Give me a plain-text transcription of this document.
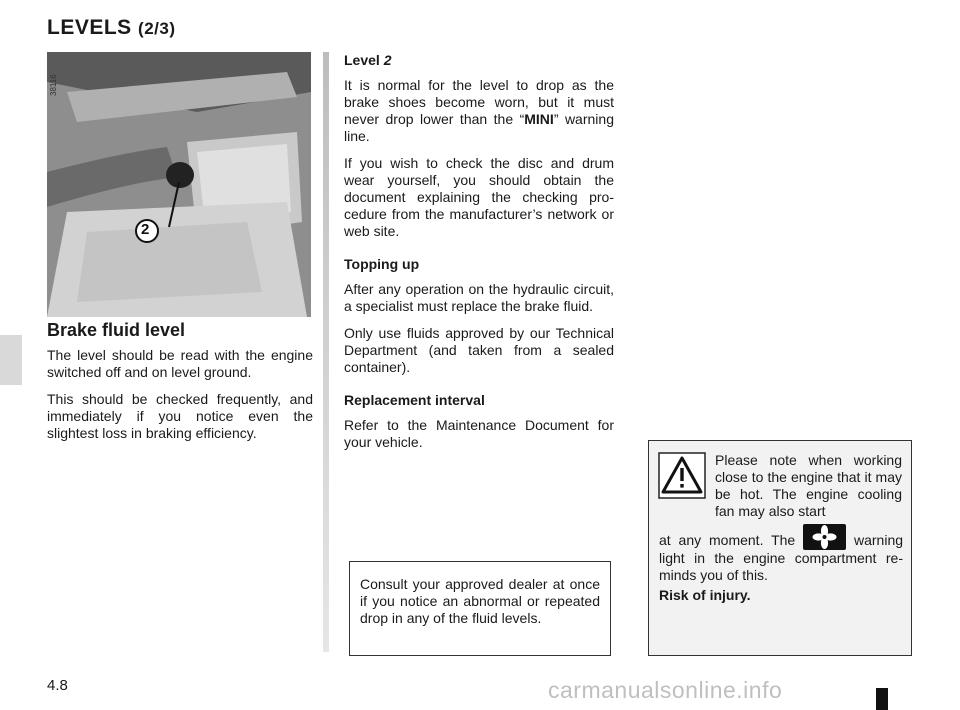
LEVELS (2/3)
38116
2
Brake fluid level

The level should be read with the engine switched off and on level ground.

This should be checked frequently, and immediately if you notice even the slightest loss in braking efficiency.

Level 2

It is normal for the level to drop as the brake shoes become worn, but it must never drop lower than the “MINI” warning line.

If you wish to check the disc and drum wear yourself, you should obtain the document explaining the checking procedure from the manufacturer’s network or web site.

Topping up

After any operation on the hydraulic circuit, a specialist must replace the brake fluid.

Only use fluids approved by our Technical Department (and taken from a sealed container).

Replacement interval

Refer to the Maintenance Document for your vehicle.

Consult your approved dealer at once if you notice an abnormal or repeated drop in any of the fluid levels.
Please note when working close to the engine that it may be hot. The engine cooling fan may also start
at any moment. The	warning light in the engine compartment reminds you of this.
Risk of injury.
4.8	carmanualsonline.info
